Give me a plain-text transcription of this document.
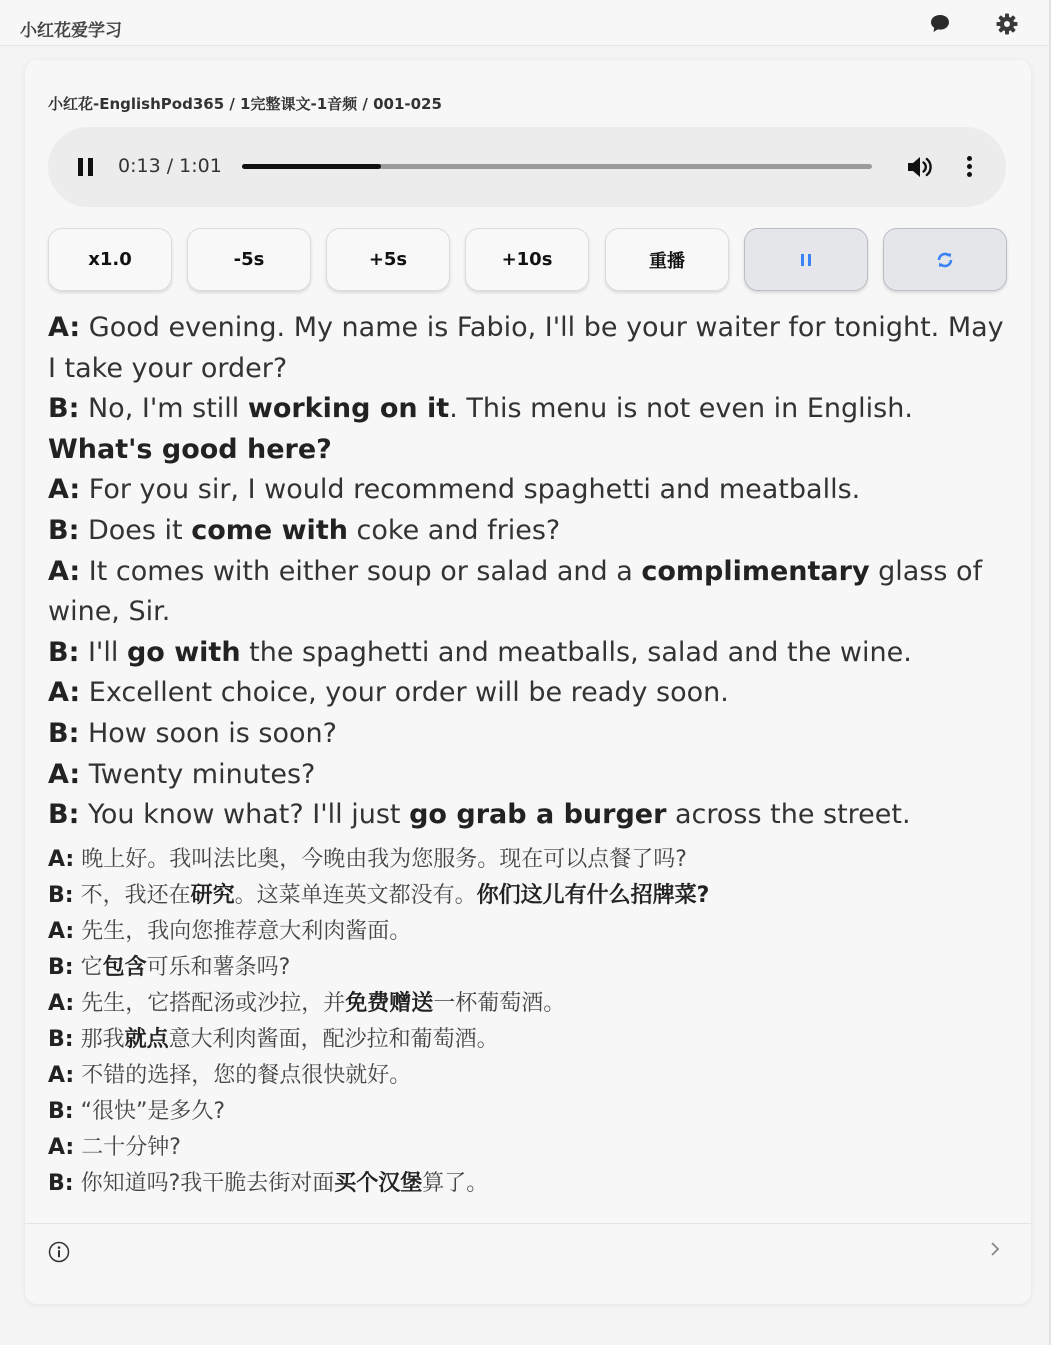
小红花爱学习
小红花-EnglishPod365 / 1完整课文-1音频 / 001-025
0:13 / 1:01
x1.0	-5s	+5s	+10s	重播
A: Good evening. My name is Fabio, I'll be your waiter for tonight. May I take your order?
B: No, I'm still working on it. This menu is not even in English. What's good here?
A: For you sir, I would recommend spaghetti and meatballs.
B: Does it come with coke and fries?
A: It comes with either soup or salad and a complimentary glass of wine, Sir.
B: I'll go with the spaghetti and meatballs, salad and the wine.
A: Excellent choice, your order will be ready soon.
B: How soon is soon?
A: Twenty minutes?
B: You know what? I'll just go grab a burger across the street.
A: 晚上好。我叫法比奥，今晚由我为您服务。现在可以点餐了吗?
B: 不，我还在研究。这菜单连英文都没有。你们这儿有什么招牌菜?
A: 先生，我向您推荐意大利肉酱面。
B: 它包含可乐和薯条吗?
A: 先生，它搭配汤或沙拉，并免费赠送一杯葡萄酒。
B: 那我就点意大利肉酱面，配沙拉和葡萄酒。
A: 不错的选择，您的餐点很快就好。
B: “很快”是多久?
A: 二十分钟?
B: 你知道吗?我干脆去街对面买个汉堡算了。
